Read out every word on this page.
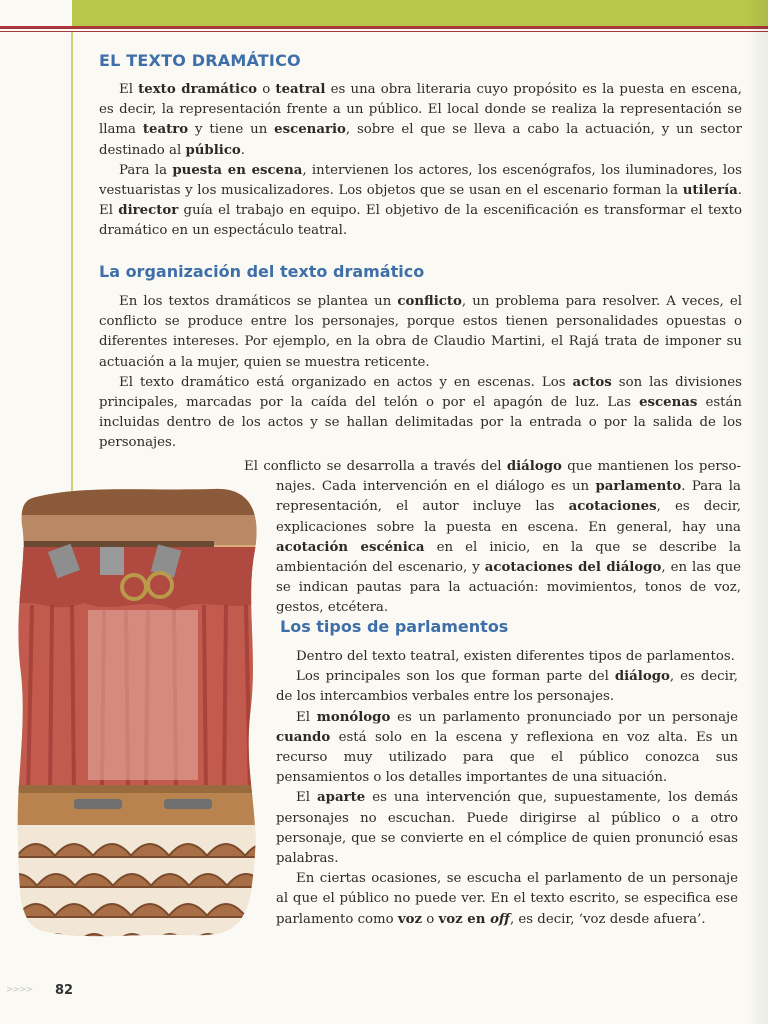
EL TEXTO DRAMÁTICO

El texto dramático o teatral es una obra literaria cuyo propósito es la puesta en escena, es decir, la representación frente a un público. El local donde se realiza la representación se llama teatro y tiene un escenario, sobre el que se lleva a cabo la actuación, y un sector destinado al público.

Para la puesta en escena, intervienen los actores, los escenógrafos, los iluminadores, los vestuaristas y los musicalizadores. Los objetos que se usan en el escenario forman la utilería. El director guía el trabajo en equipo. El objetivo de la escenificación es transformar el texto dramático en un espectáculo teatral.

La organización del texto dramático

En los textos dramáticos se plantea un conflicto, un problema para resolver. A veces, el conflicto se produce entre los personajes, porque estos tienen personalidades opuestas o diferentes intereses. Por ejemplo, en la obra de Claudio Martini, el Rajá trata de imponer su actuación a la mujer, quien se muestra reticente.

El texto dramático está organizado en actos y en escenas. Los actos son las divisiones principales, marcadas por la caída del telón o por el apagón de luz. Las escenas están incluidas dentro de los actos y se hallan delimitadas por la entrada o por la salida de los personajes.

El conflicto se desarrolla a través del diálogo que mantienen los perso- najes. Cada intervención en el diálogo es un parlamento. Para la representación, el autor incluye las acotaciones, es decir, explicaciones sobre la puesta en escena. En general, hay una acotación escénica en el inicio, en la que se describe la ambientación del escenario, y acotaciones del diálogo, en las que se indican pautas para la actuación: movimientos, tonos de voz, gestos, etcétera.

Los tipos de parlamentos

Dentro del texto teatral, existen diferentes tipos de parlamentos.

Los principales son los que forman parte del diálogo, es decir, de los intercambios verbales entre los personajes.

El monólogo es un parlamento pronunciado por un personaje cuando está solo en la escena y reflexiona en voz alta. Es un recurso muy utilizado para que el público conozca sus pensamientos o los detalles importantes de una situación.

El aparte es una intervención que, supuestamente, los demás personajes no escuchan. Puede dirigirse al público o a otro personaje, que se convierte en el cómplice de quien pronunció esas palabras.

En ciertas ocasiones, se escucha el parlamento de un personaje al que el público no puede ver. En el texto escrito, se especifica ese parlamento como voz o voz en off, es decir, ‘voz desde afuera’.

>>>> 82
